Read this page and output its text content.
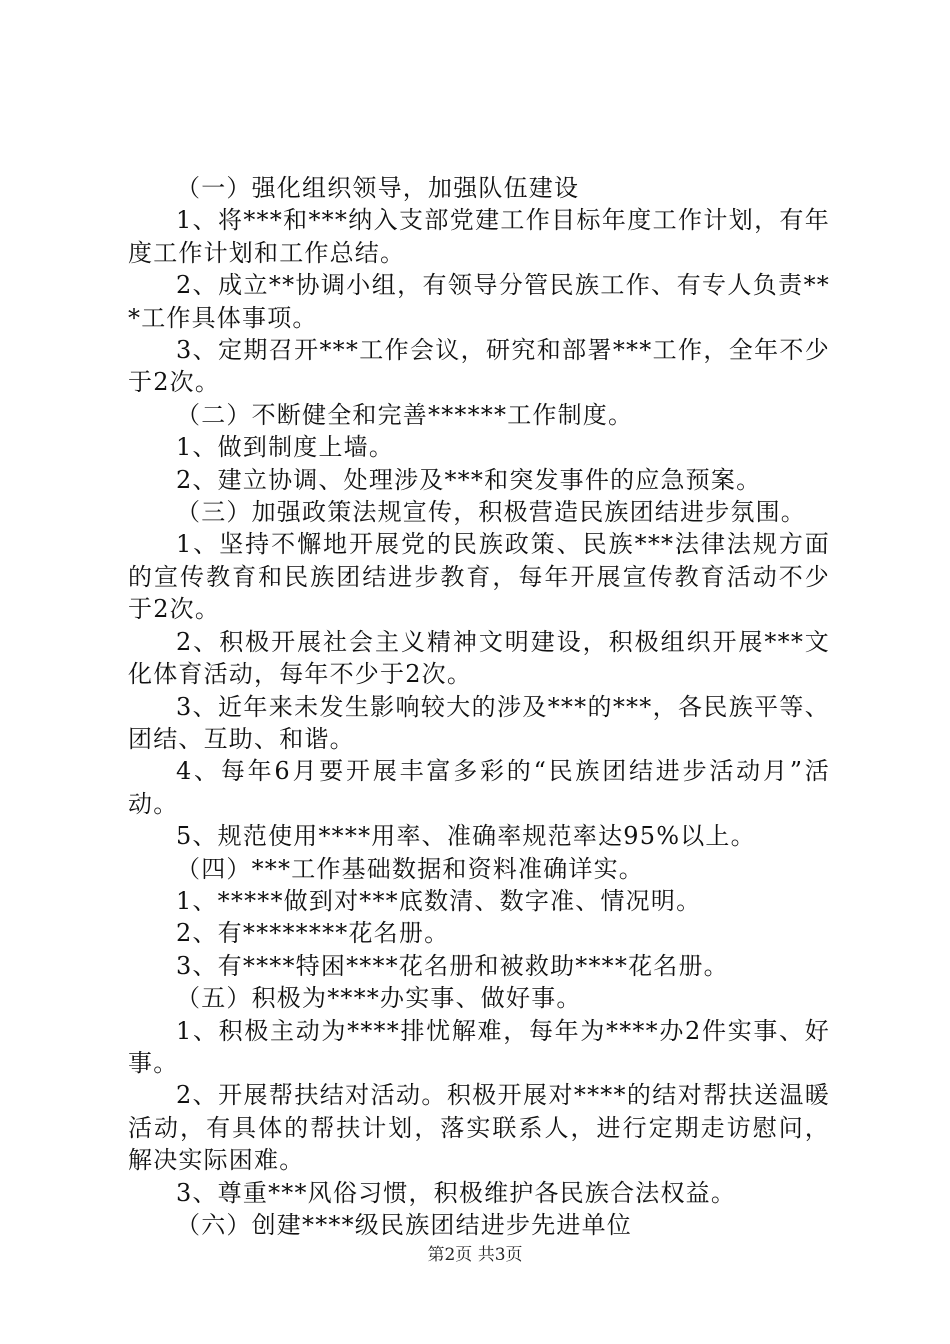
（一）强化组织领导，加强队伍建设

1、将***和***纳入支部党建工作目标年度工作计划，有年度工作计划和工作总结。

2、成立**协调小组，有领导分管民族工作、有专人负责***工作具体事项。

3、定期召开***工作会议，研究和部署***工作，全年不少于2次。

（二）不断健全和完善******工作制度。

1、做到制度上墙。

2、建立协调、处理涉及***和突发事件的应急预案。

（三）加强政策法规宣传，积极营造民族团结进步氛围。

1、坚持不懈地开展党的民族政策、民族***法律法规方面的宣传教育和民族团结进步教育，每年开展宣传教育活动不少于2次。

2、积极开展社会主义精神文明建设，积极组织开展***文化体育活动，每年不少于2次。

3、近年来未发生影响较大的涉及***的***，各民族平等、团结、互助、和谐。

4、每年6月要开展丰富多彩的“民族团结进步活动月”活动。

5、规范使用****用率、准确率规范率达95%以上。

（四）***工作基础数据和资料准确详实。

1、*****做到对***底数清、数字准、情况明。

2、有********花名册。

3、有****特困****花名册和被救助****花名册。

（五）积极为****办实事、做好事。

1、积极主动为****排忧解难，每年为****办2件实事、好事。

2、开展帮扶结对活动。积极开展对****的结对帮扶送温暖活动，有具体的帮扶计划，落实联系人，进行定期走访慰问，解决实际困难。

3、尊重***风俗习惯，积极维护各民族合法权益。

（六）创建****级民族团结进步先进单位

第2页 共3页
